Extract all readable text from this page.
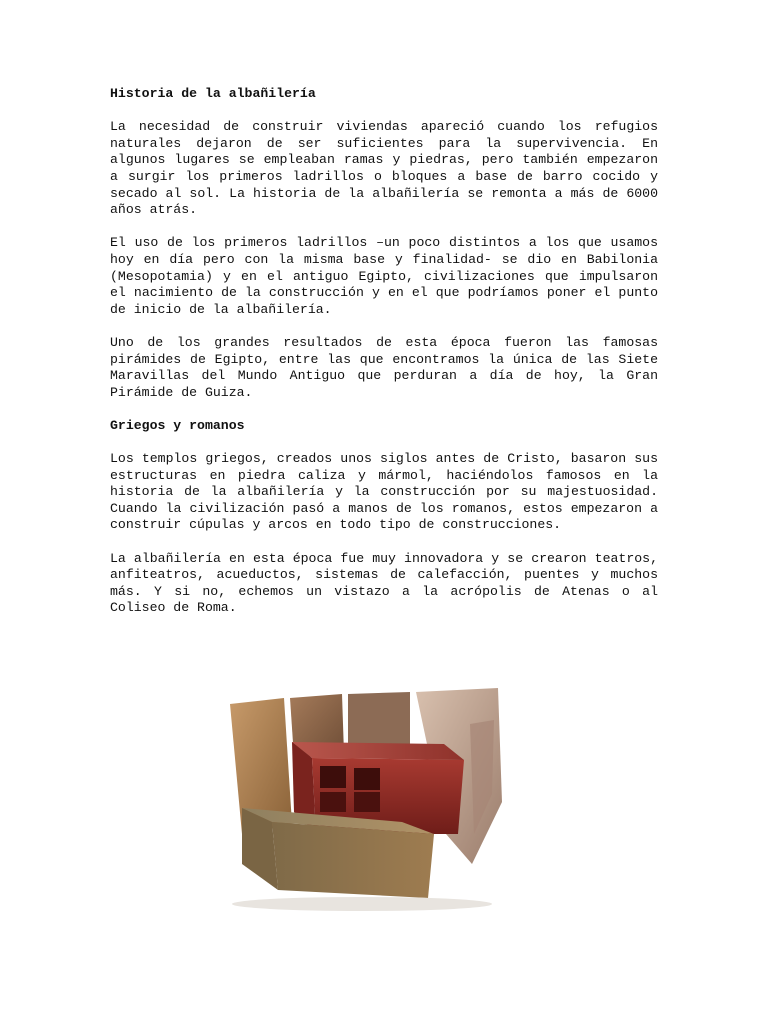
Historia de la albañilería

La necesidad de construir viviendas apareció cuando los refugios naturales dejaron de ser suficientes para la supervivencia. En algunos lugares se empleaban ramas y piedras, pero también empezaron a surgir los primeros ladrillos o bloques a base de barro cocido y secado al sol. La historia de la albañilería se remonta a más de 6000 años atrás.

El uso de los primeros ladrillos –un poco distintos a los que usamos hoy en día pero con la misma base y finalidad- se dio en Babilonia (Mesopotamia) y en el antiguo Egipto, civilizaciones que impulsaron el nacimiento de la construcción y en el que podríamos poner el punto de inicio de la albañilería.

Uno de los grandes resultados de esta época fueron las famosas pirámides de Egipto, entre las que encontramos la única de las Siete Maravillas del Mundo Antiguo que perduran a día de hoy, la Gran Pirámide de Guiza.

Griegos y romanos

Los templos griegos, creados unos siglos antes de Cristo, basaron sus estructuras en piedra caliza y mármol, haciéndolos famosos en la historia de la albañilería y la construcción por su majestuosidad. Cuando la civilización pasó a manos de los romanos, estos empezaron a construir cúpulas y arcos en todo tipo de construcciones.

La albañilería en esta época fue muy innovadora y se crearon teatros, anfiteatros, acueductos, sistemas de calefacción, puentes y muchos más. Y si no, echemos un vistazo a la acrópolis de Atenas o al Coliseo de Roma.
